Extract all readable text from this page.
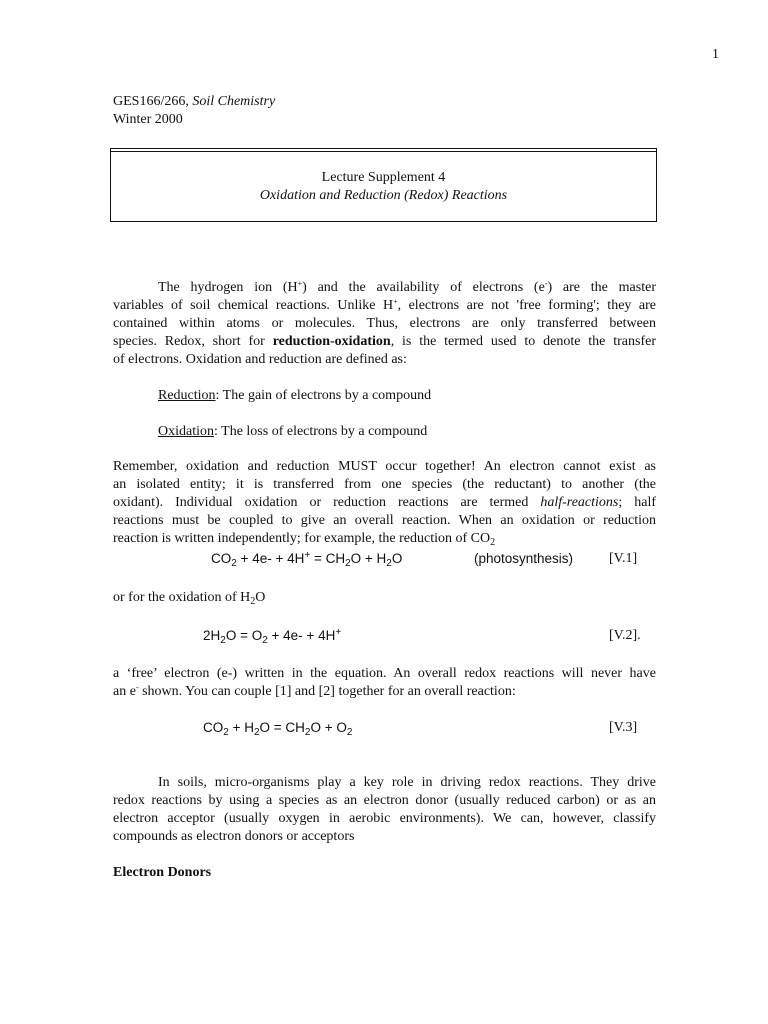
1
GES166/266, Soil Chemistry
Winter 2000
Lecture Supplement 4
Oxidation and Reduction (Redox) Reactions
The hydrogen ion (H+) and the availability of electrons (e-) are the master
variables of soil chemical reactions. Unlike H+, electrons are not 'free forming'; they are
contained within atoms or molecules. Thus, electrons are only transferred between
species. Redox, short for reduction-oxidation, is the termed used to denote the transfer
of electrons. Oxidation and reduction are defined as:
Reduction: The gain of electrons by a compound
Oxidation: The loss of electrons by a compound
Remember, oxidation and reduction MUST occur together! An electron cannot exist as
an isolated entity; it is transferred from one species (the reductant) to another (the
oxidant). Individual oxidation or reduction reactions are termed half-reactions; half
reactions must be coupled to give an overall reaction. When an oxidation or reduction
reaction is written independently; for example, the reduction of $CO_2$
$CO_2 + 4e- + 4H^+ = CH_2O + H_2O$	(photosynthesis)	[V.1]
or for the oxidation of $H_2O$
$2H_2O = O_2 + 4e- + 4H^+$	[V.2].
a ‘free’ electron (e-) written in the equation. An overall redox reactions will never have
an e- shown. You can couple [1] and [2] together for an overall reaction:
$CO_2 + H_2O = CH_2O + O_2$	[V.3]
In soils, micro-organisms play a key role in driving redox reactions. They drive
redox reactions by using a species as an electron donor (usually reduced carbon) or as an
electron acceptor (usually oxygen in aerobic environments). We can, however, classify
compounds as electron donors or acceptors
Electron Donors
